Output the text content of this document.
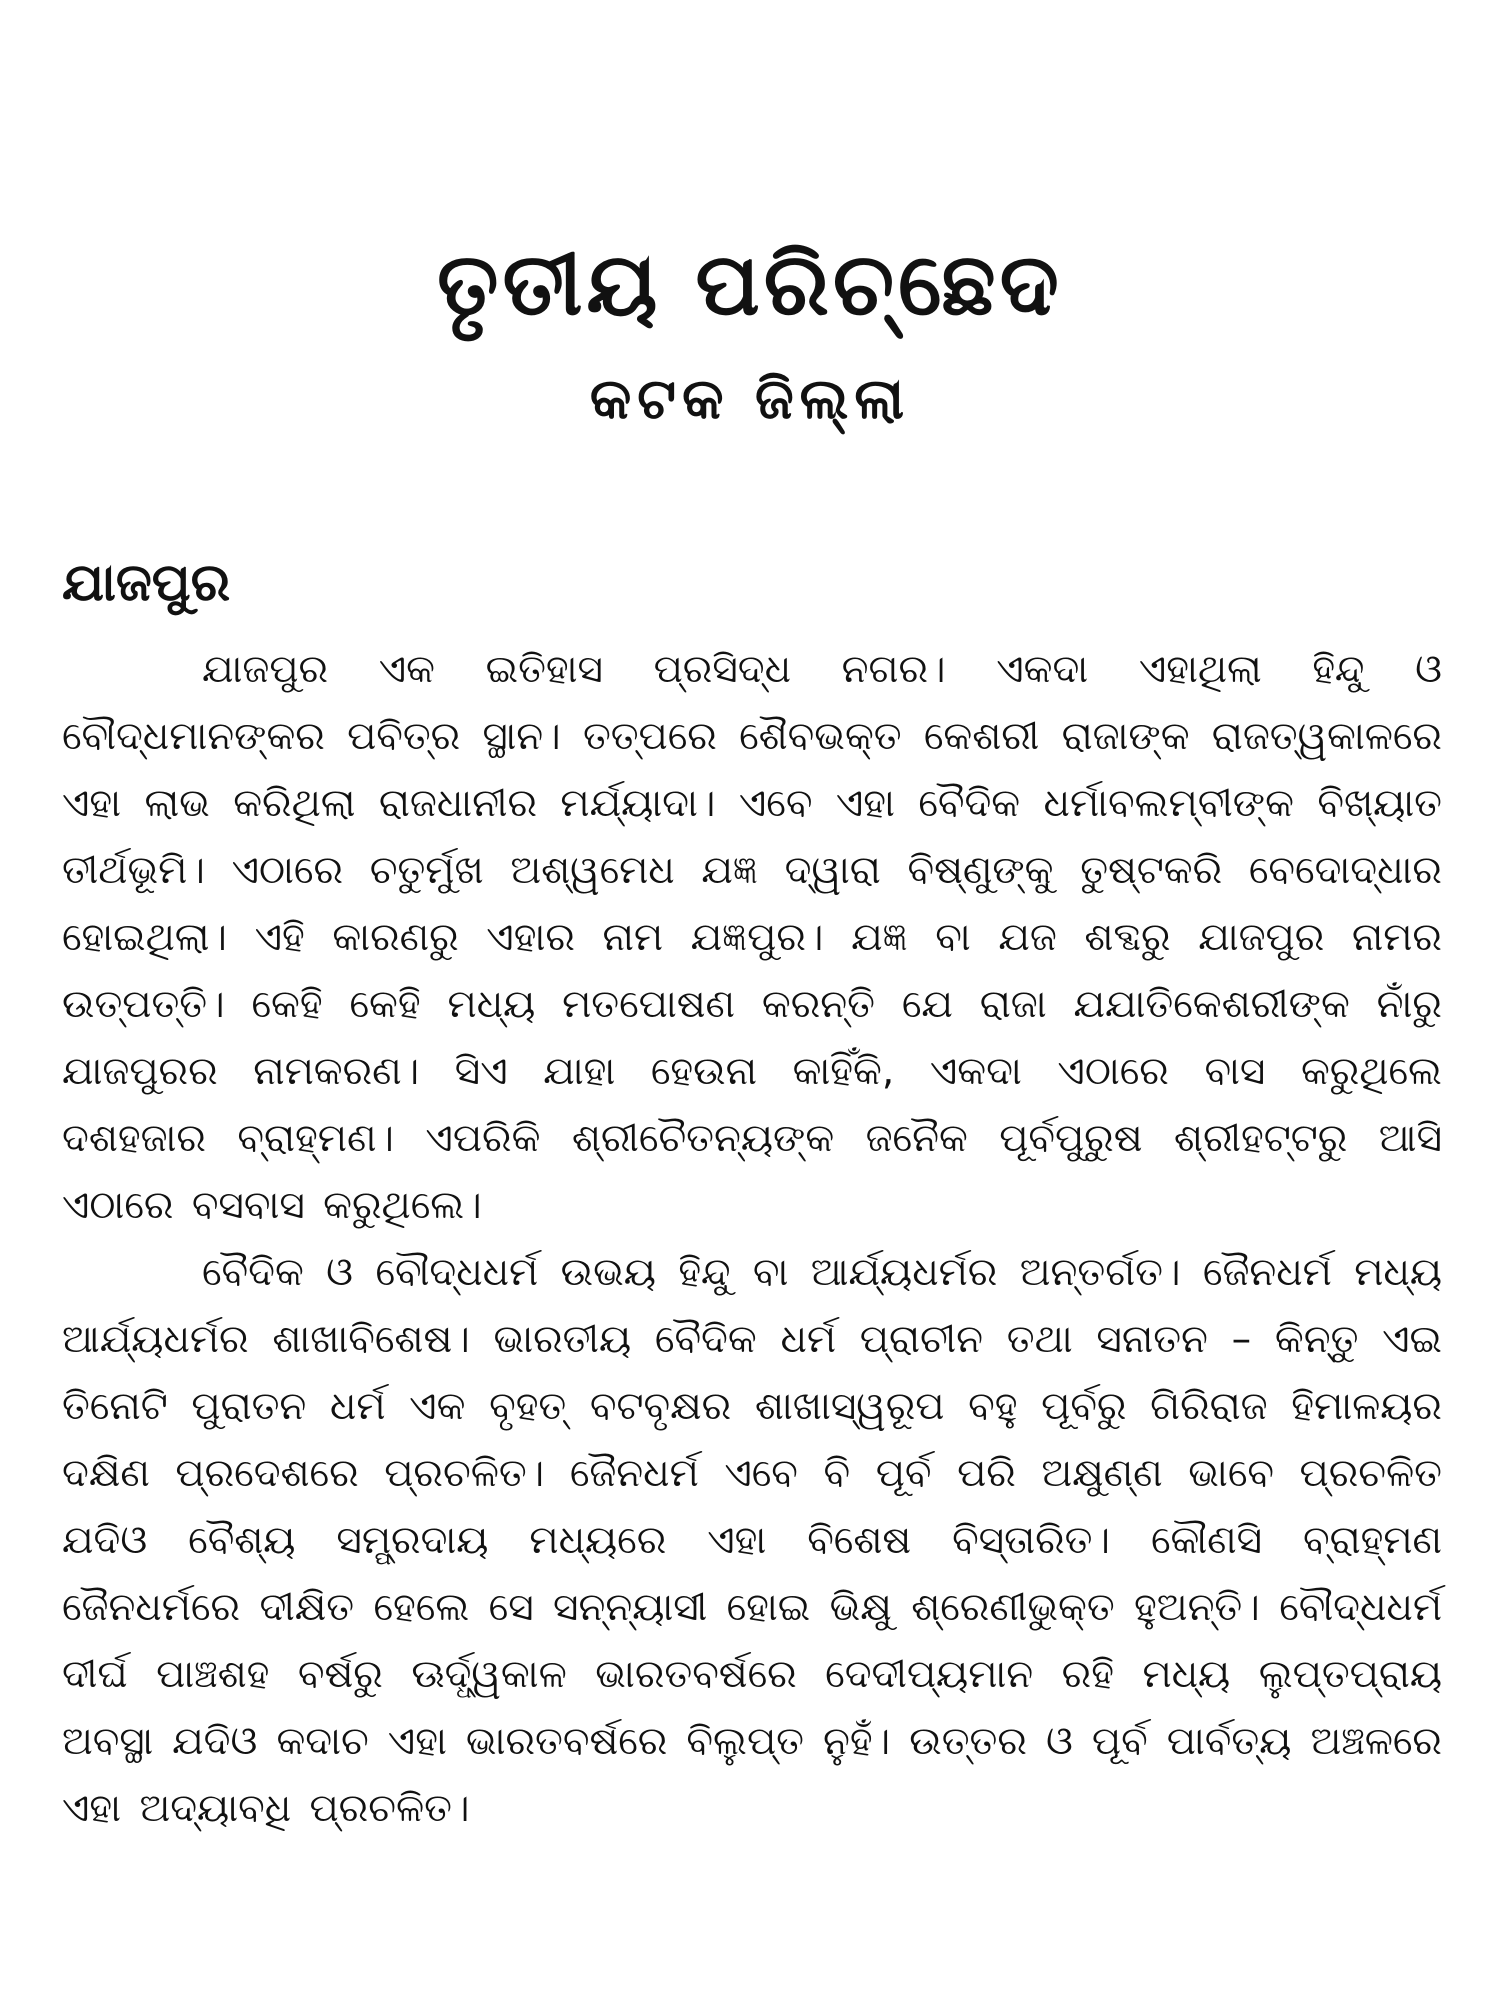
ତୃତୀୟ ପରିଚ୍ଛେଦ
କଟକ ଜିଲ୍ଲା
ଯାଜପୁର

ଯାଜପୁର ଏକ ଇତିହାସ ପ୍ରସିଦ୍ଧ ନଗର। ଏକଦା ଏହାଥିଲା ହିନ୍ଦୁ ଓ ବୌଦ୍ଧମାନଙ୍କର ପବିତ୍ର ସ୍ଥାନ। ତତ୍ପରେ ଶୈବଭକ୍ତ କେଶରୀ ରାଜାଙ୍କ ରାଜତ୍ୱକାଳରେ ଏହା ଲାଭ କରିଥିଲା ରାଜଧାନୀର ମର୍ଯ୍ୟାଦା। ଏବେ ଏହା ବୈଦିକ ଧର୍ମାବଲମ୍ବୀଙ୍କ ବିଖ୍ୟାତ ତୀର୍ଥଭୂମି। ଏଠାରେ ଚତୁର୍ମୁଖ ଅଶ୍ୱମେଧ ଯଜ୍ଞ ଦ୍ୱାରା ବିଷ୍ଣୁଙ୍କୁ ତୁଷ୍ଟକରି ବେଦୋଦ୍ଧାର ହୋଇଥିଲା। ଏହି କାରଣରୁ ଏହାର ନାମ ଯଜ୍ଞପୁର। ଯଜ୍ଞ ବା ଯଜ ଶବ୍ଦରୁ ଯାଜପୁର ନାମର ଉତ୍ପତ୍ତି। କେହି କେହି ମଧ୍ୟ ମତପୋଷଣ କରନ୍ତି ଯେ ରାଜା ଯଯାତିକେଶରୀଙ୍କ ନାଁରୁ ଯାଜପୁରର ନାମକରଣ। ସିଏ ଯାହା ହେଉନା କାହିଁକି, ଏକଦା ଏଠାରେ ବାସ କରୁଥିଲେ ଦଶହଜାର ବ୍ରାହ୍ମଣ। ଏପରିକି ଶ୍ରୀଚୈତନ୍ୟଙ୍କ ଜନୈକ ପୂର୍ବପୁରୁଷ ଶ୍ରୀହଟ୍ଟରୁ ଆସି ଏଠାରେ ବସବାସ କରୁଥିଲେ।

ବୈଦିକ ଓ ବୌଦ୍ଧଧର୍ମ ଉଭୟ ହିନ୍ଦୁ ବା ଆର୍ଯ୍ୟଧର୍ମର ଅନ୍ତର୍ଗତ। ଜୈନଧର୍ମ ମଧ୍ୟ ଆର୍ଯ୍ୟଧର୍ମର ଶାଖାବିଶେଷ। ଭାରତୀୟ ବୈଦିକ ଧର୍ମ ପ୍ରାଚୀନ ତଥା ସନାତନ – କିନ୍ତୁ ଏଇ ତିନୋଟି ପୁରାତନ ଧର୍ମ ଏକ ବୃହତ୍ ବଟବୃକ୍ଷର ଶାଖାସ୍ୱରୂପ ବହୁ ପୂର୍ବରୁ ଗିରିରାଜ ହିମାଳୟର ଦକ୍ଷିଣ ପ୍ରଦେଶରେ ପ୍ରଚଳିତ। ଜୈନଧର୍ମ ଏବେ ବି ପୂର୍ବ ପରି ଅକ୍ଷୁଣ୍ଣ ଭାବେ ପ୍ରଚଳିତ ଯଦିଓ ବୈଶ୍ୟ ସମ୍ପ୍ରଦାୟ ମଧ୍ୟରେ ଏହା ବିଶେଷ ବିସ୍ତାରିତ। କୌଣସି ବ୍ରାହ୍ମଣ ଜୈନଧର୍ମରେ ଦୀକ୍ଷିତ ହେଲେ ସେ ସନ୍ନ୍ୟାସୀ ହୋଇ ଭିକ୍ଷୁ ଶ୍ରେଣୀଭୁକ୍ତ ହୁଅନ୍ତି। ବୌଦ୍ଧଧର୍ମ ଦୀର୍ଘ ପାଞ୍ଚଶହ ବର୍ଷରୁ ଊର୍ଦ୍ଧ୍ୱକାଳ ଭାରତବର୍ଷରେ ଦେଦୀପ୍ୟମାନ ରହି ମଧ୍ୟ ଲୁପ୍ତପ୍ରାୟ ଅବସ୍ଥା ଯଦିଓ କଦାଚ ଏହା ଭାରତବର୍ଷରେ ବିଲୁପ୍ତ ନୁହଁ। ଉତ୍ତର ଓ ପୂର୍ବ ପାର୍ବତ୍ୟ ଅଞ୍ଚଳରେ ଏହା ଅଦ୍ୟାବଧି ପ୍ରଚଳିତ।
